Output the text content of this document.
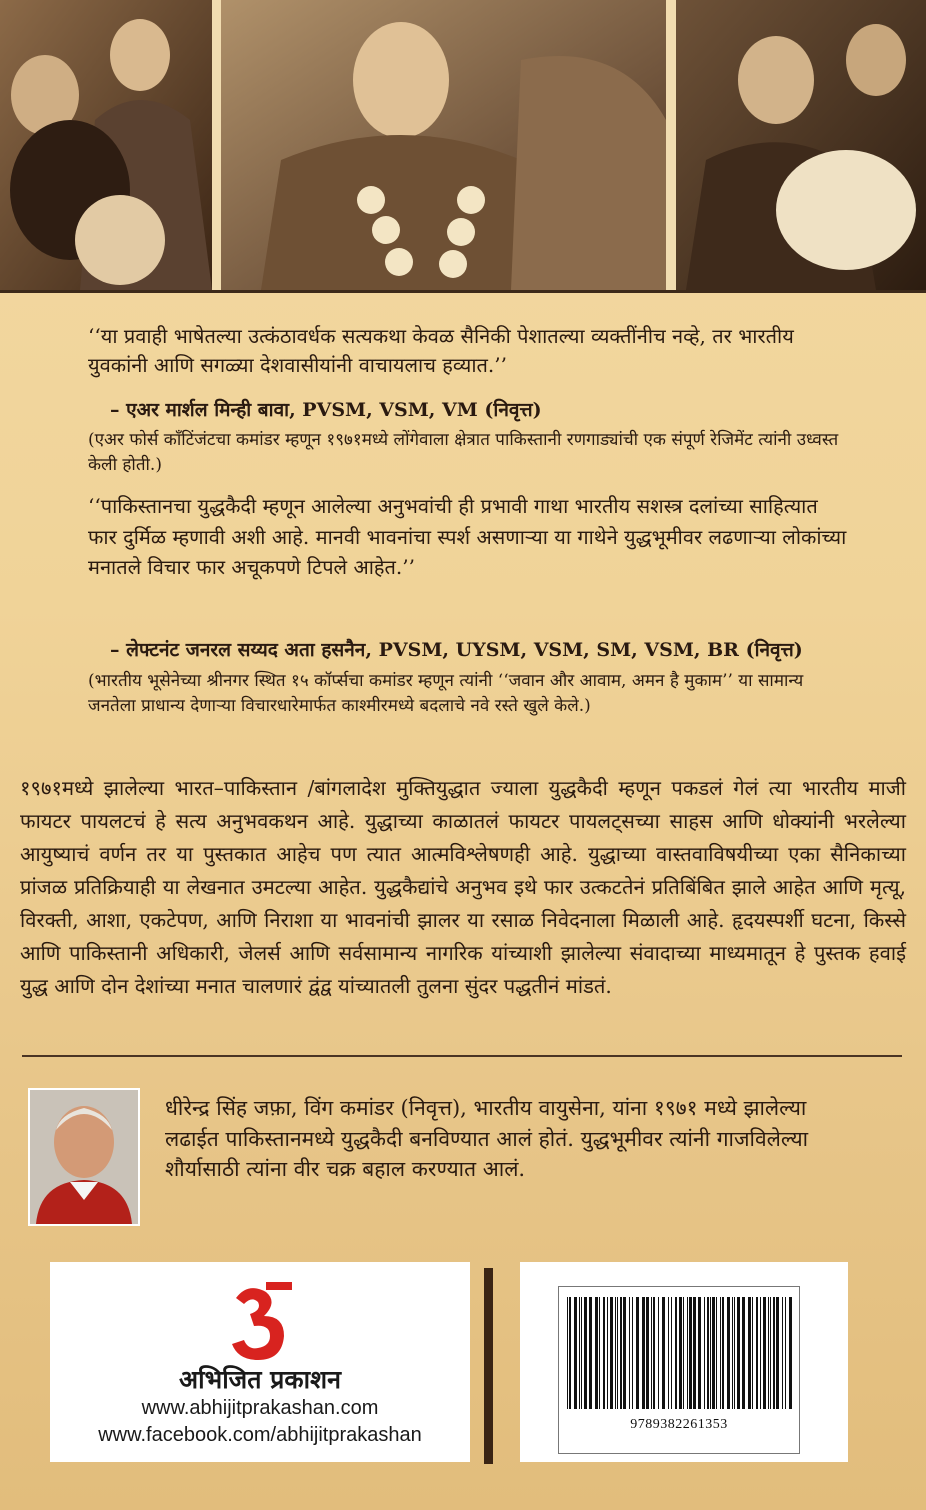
‘‘या प्रवाही भाषेतल्या उत्कंठावर्धक सत्यकथा केवळ सैनिकी पेशातल्या व्यक्तींनीच नव्हे, तर भारतीय युवकांनी आणि सगळ्या देशवासीयांनी वाचायलाच हव्यात.’’
– एअर मार्शल मिन्ही बावा, PVSM, VSM, VM (निवृत्त)
(एअर फोर्स कॉंटिंजंटचा कमांडर म्हणून १९७१मध्ये लोंगेवाला क्षेत्रात पाकिस्तानी रणगाड्यांची एक संपूर्ण रेजिमेंट त्यांनी उध्वस्त केली होती.)
‘‘पाकिस्तानचा युद्धकैदी म्हणून आलेल्या अनुभवांची ही प्रभावी गाथा भारतीय सशस्त्र दलांच्या साहित्यात फार दुर्मिळ म्हणावी अशी आहे. मानवी भावनांचा स्पर्श असणाऱ्या या गाथेने युद्धभूमीवर लढणाऱ्या लोकांच्या मनातले विचार फार अचूकपणे टिपले आहेत.’’
– लेफ्टनंट जनरल सय्यद अता हसनैन, PVSM, UYSM, VSM, SM, VSM, BR (निवृत्त)
(भारतीय भूसेनेच्या श्रीनगर स्थित १५ कॉर्प्सचा कमांडर म्हणून त्यांनी ‘‘जवान और आवाम, अमन है मुकाम’’ या सामान्य जनतेला प्राधान्य देणाऱ्या विचारधारेमार्फत काश्मीरमध्ये बदलाचे नवे रस्ते खुले केले.)
१९७१मध्ये झालेल्या भारत–पाकिस्तान /बांगलादेश मुक्तियुद्धात ज्याला युद्धकैदी म्हणून पकडलं गेलं त्या भारतीय माजी फायटर पायलटचं हे सत्य अनुभवकथन आहे. युद्धाच्या काळातलं फायटर पायलट्सच्या साहस आणि धोक्यांनी भरलेल्या आयुष्याचं वर्णन तर या पुस्तकात आहेच पण त्यात आत्मविश्लेषणही आहे. युद्धाच्या वास्तवाविषयीच्या एका सैनिकाच्या प्रांजळ प्रतिक्रियाही या लेखनात उमटल्या आहेत. युद्धकैद्यांचे अनुभव इथे फार उत्कटतेनं प्रतिबिंबित झाले आहेत आणि मृत्यू, विरक्ती, आशा, एकटेपण, आणि निराशा या भावनांची झालर या रसाळ निवेदनाला मिळाली आहे. हृदयस्पर्शी घटना, किस्से आणि पाकिस्तानी अधिकारी, जेलर्स आणि सर्वसामान्य नागरिक यांच्याशी झालेल्या संवादाच्या माध्यमातून हे पुस्तक हवाई युद्ध आणि दोन देशांच्या मनात चालणारं द्वंद्व यांच्यातली तुलना सुंदर पद्धतीनं मांडतं.
धीरेन्द्र सिंह जफ़ा, विंग कमांडर (निवृत्त), भारतीय वायुसेना, यांना १९७१ मध्ये झालेल्या लढाईत पाकिस्तानमध्ये युद्धकैदी बनविण्यात आलं होतं. युद्धभूमीवर त्यांनी गाजविलेल्या शौर्यासाठी त्यांना वीर चक्र बहाल करण्यात आलं.
अभिजित प्रकाशन
www.abhijitprakashan.com
www.facebook.com/abhijitprakashan	9789382261353
